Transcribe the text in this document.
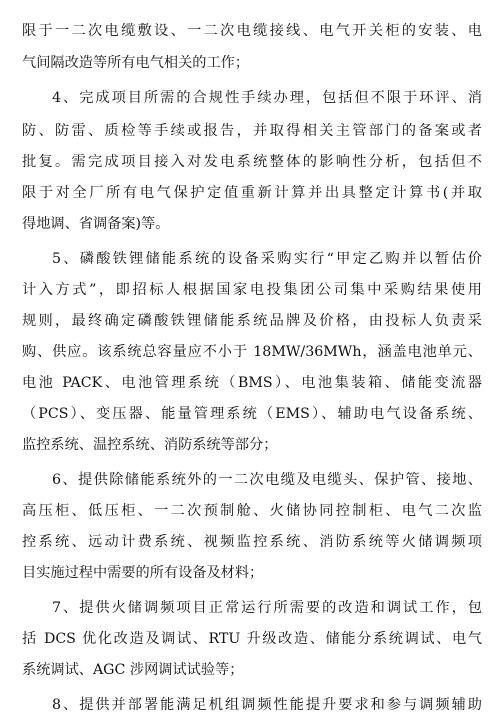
限于一二次电缆敷设、一二次电缆接线、电气开关柜的安装、电
气间隔改造等所有电气相关的工作；
4、完成项目所需的合规性手续办理，包括但不限于环评、消
防、防雷、质检等手续或报告，并取得相关主管部门的备案或者
批复。需完成项目接入对发电系统整体的影响性分析，包括但不
限于对全厂所有电气保护定值重新计算并出具整定计算书(并取
得地调、省调备案)等。
5、磷酸铁锂储能系统的设备采购实行“甲定乙购并以暂估价
计入方式”，即招标人根据国家电投集团公司集中采购结果使用
规则，最终确定磷酸铁锂储能系统品牌及价格，由投标人负责采
购、供应。该系统总容量应不小于 18MW/36MWh，涵盖电池单元、
电池 PACK、电池管理系统（BMS）、电池集装箱、储能变流器
（PCS）、变压器、能量管理系统（EMS）、辅助电气设备系统、
监控系统、温控系统、消防系统等部分；
6、提供除储能系统外的一二次电缆及电缆头、保护管、接地、
高压柜、低压柜、一二次预制舱、火储协同控制柜、电气二次监
控系统、远动计费系统、视频监控系统、消防系统等火储调频项
目实施过程中需要的所有设备及材料；
7、提供火储调频项目正常运行所需要的改造和调试工作，包
括 DCS 优化改造及调试、RTU 升级改造、储能分系统调试、电气
系统调试、AGC 涉网调试试验等；
8、提供并部署能满足机组调频性能提升要求和参与调频辅助
